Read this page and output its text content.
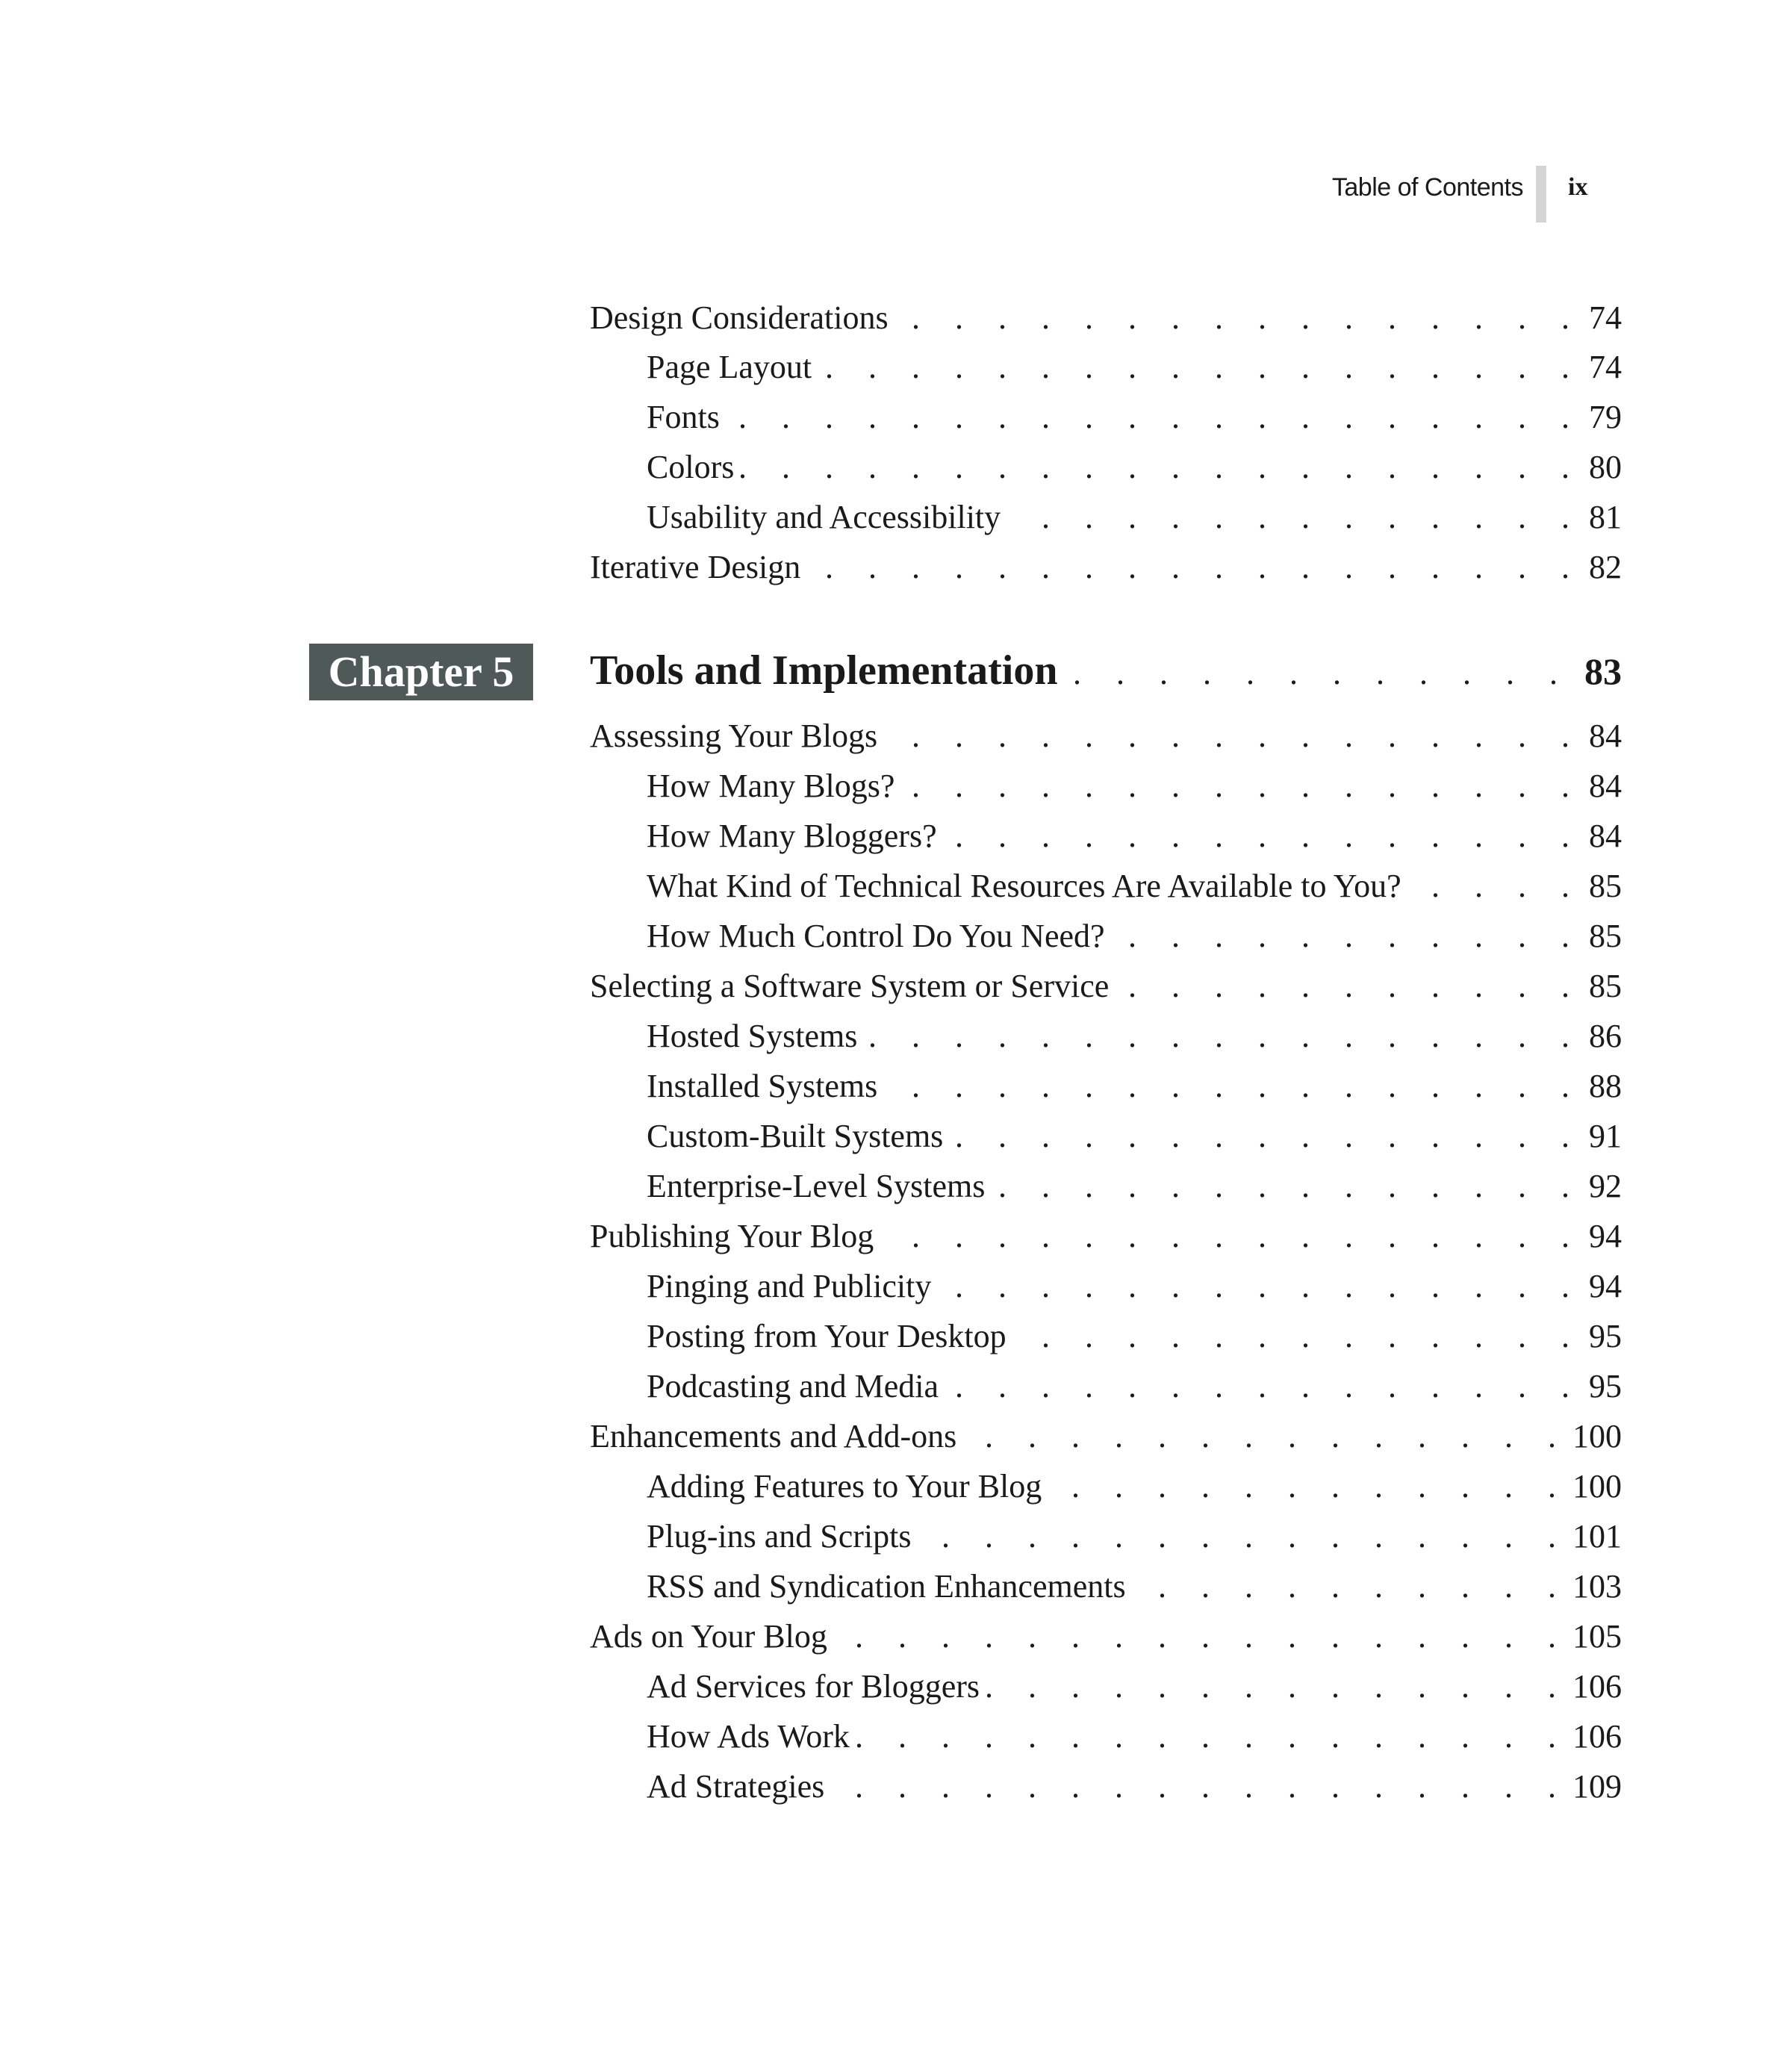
Table of Contents ix
Design Considerations . . .	74
Page Layout . . .	74
Fonts . . .	79
Colors . . .	80
Usability and Accessibility . . .	81
Iterative Design . . .	82
Chapter 5	Tools and Implementation . . .	83
Assessing Your Blogs . . .	84
How Many Blogs? . . .	84
How Many Bloggers? . . .	84
What Kind of Technical Resources Are Available to You? . . .	85
How Much Control Do You Need? . . .	85
Selecting a Software System or Service . . .	85
Hosted Systems . . .	86
Installed Systems . . .	88
Custom-Built Systems . . .	91
Enterprise-Level Systems . . .	92
Publishing Your Blog . . .	94
Pinging and Publicity . . .	94
Posting from Your Desktop . . .	95
Podcasting and Media . . .	95
Enhancements and Add-ons . . .	100
Adding Features to Your Blog . . .	100
Plug-ins and Scripts . . .	101
RSS and Syndication Enhancements . . .	103
Ads on Your Blog . . .	105
Ad Services for Bloggers . . .	106
How Ads Work . . .	106
Ad Strategies . . .	109
